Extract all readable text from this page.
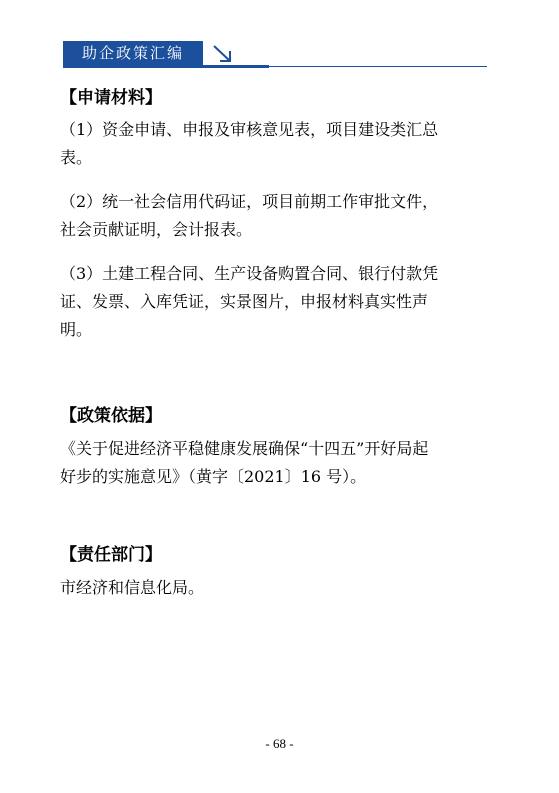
助企政策汇编
【申请材料】

（1）资金申请、申报及审核意见表，项目建设类汇总
表。

（2）统一社会信用代码证，项目前期工作审批文件，
社会贡献证明，会计报表。

（3）土建工程合同、生产设备购置合同、银行付款凭
证、发票、入库凭证，实景图片，申报材料真实性声
明。

【政策依据】

《关于促进经济平稳健康发展确保“十四五”开好局起
好步的实施意见》（黄字〔2021〕16 号）。

【责任部门】

市经济和信息化局。

- 68 -
